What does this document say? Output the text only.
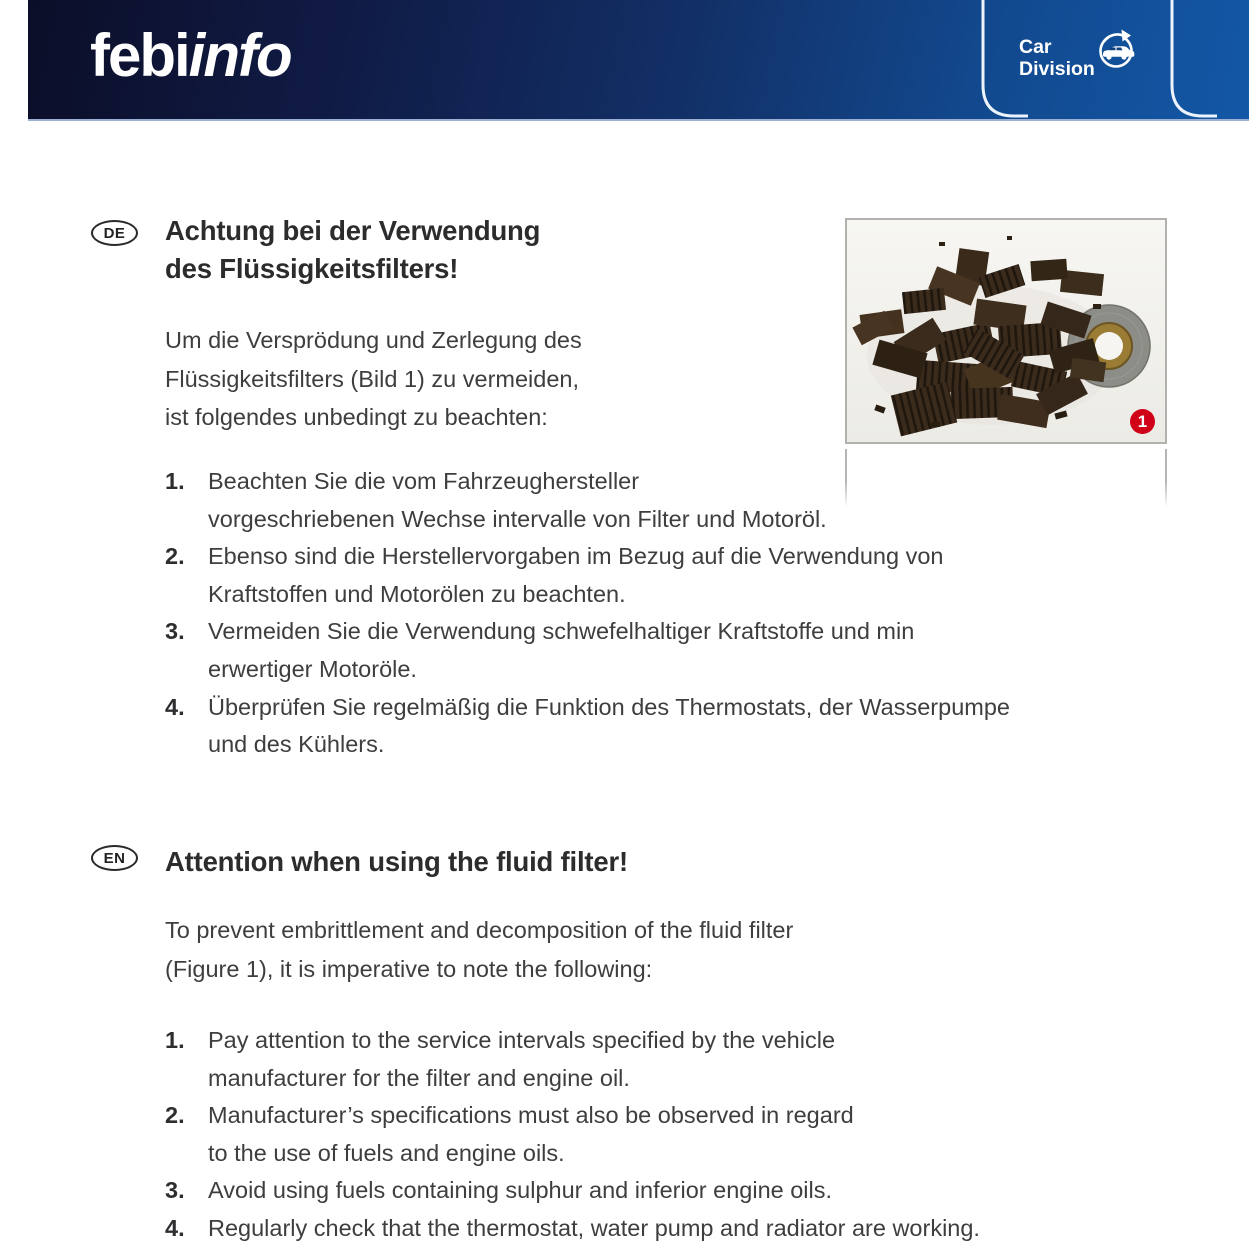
febiinfo	Car
Division
1
DE	Achtung bei der Verwendung
des Flüssigkeitsfilters!
Um die Versprödung und Zerlegung des
Flüssigkeitsfilters (Bild 1) zu vermeiden,
ist folgendes unbedingt zu beachten:
1. Beachten Sie die vom Fahrzeughersteller
vorgeschriebenen Wechse intervalle von Filter und Motoröl.
2. Ebenso sind die Herstellervorgaben im Bezug auf die Verwendung von
Kraftstoffen und Motorölen zu beachten.
3. Vermeiden Sie die Verwendung schwefelhaltiger Kraftstoffe und min
erwertiger Motoröle.
4. Überprüfen Sie regelmäßig die Funktion des Thermostats, der Wasserpumpe
und des Kühlers.
EN	Attention when using the fluid filter!
To prevent embrittlement and decomposition of the fluid filter
(Figure 1), it is imperative to note the following:
1. Pay attention to the service intervals specified by the vehicle
manufacturer for the filter and engine oil.
2. Manufacturer’s specifications must also be observed in regard
to the use of fuels and engine oils.
3. Avoid using fuels containing sulphur and inferior engine oils.
4. Regularly check that the thermostat, water pump and radiator are working.
